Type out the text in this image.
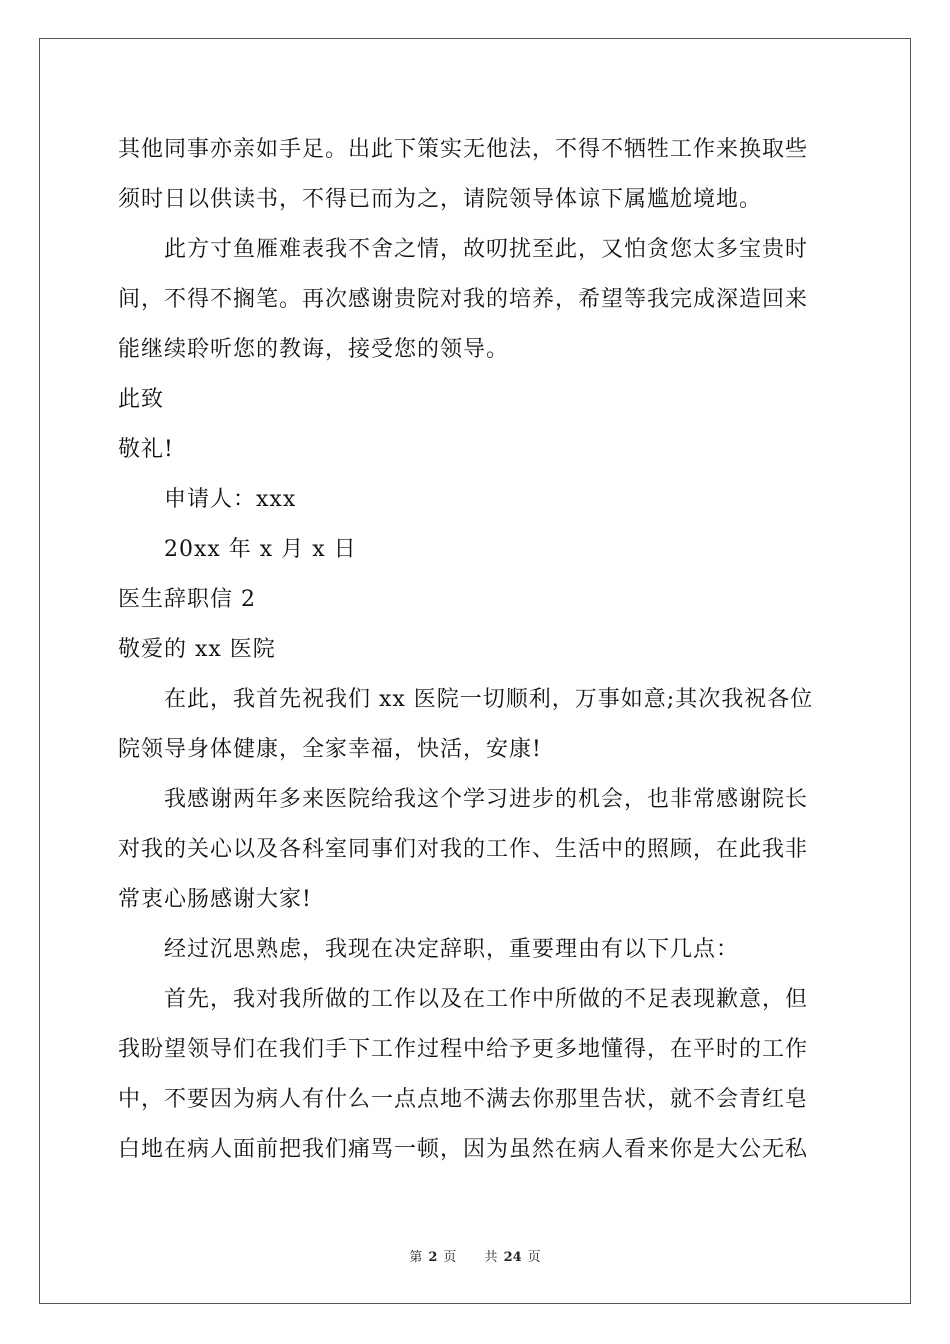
其他同事亦亲如手足。出此下策实无他法，不得不牺牲工作来换取些
须时日以供读书，不得已而为之，请院领导体谅下属尴尬境地。
此方寸鱼雁难表我不舍之情，故叨扰至此，又怕贪您太多宝贵时
间，不得不搁笔。再次感谢贵院对我的培养，希望等我完成深造回来
能继续聆听您的教诲，接受您的领导。
此致
敬礼!
申请人：xxx
20xx 年 x 月 x 日
医生辞职信 2
敬爱的 xx 医院
在此，我首先祝我们 xx 医院一切顺利，万事如意;其次我祝各位
院领导身体健康，全家幸福，快活，安康!
我感谢两年多来医院给我这个学习进步的机会，也非常感谢院长
对我的关心以及各科室同事们对我的工作、生活中的照顾，在此我非
常衷心肠感谢大家!
经过沉思熟虑，我现在决定辞职，重要理由有以下几点：
首先，我对我所做的工作以及在工作中所做的不足表现歉意，但
我盼望领导们在我们手下工作过程中给予更多地懂得，在平时的工作
中，不要因为病人有什么一点点地不满去你那里告状，就不会青红皂
白地在病人面前把我们痛骂一顿，因为虽然在病人看来你是大公无私
第 2 页 共 24 页
